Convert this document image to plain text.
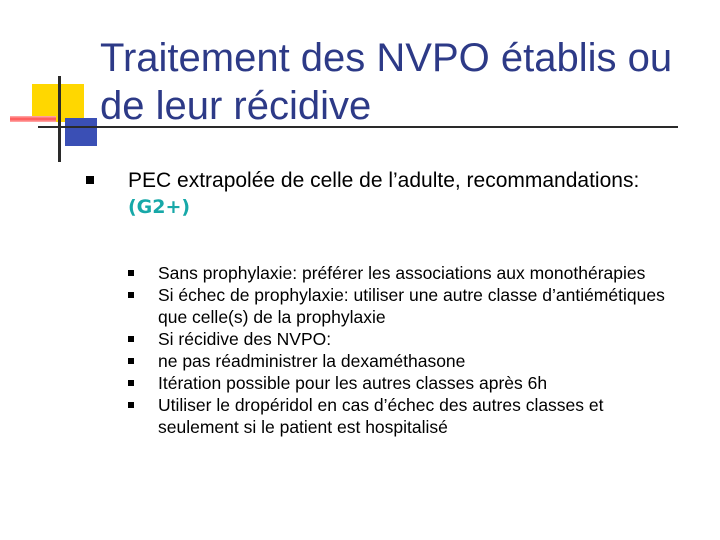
Traitement des NVPO établis ou de leur récidive
PEC extrapolée de celle de l’adulte, recommandations: (G2+)
Sans prophylaxie: préférer les associations aux monothérapies
Si échec de prophylaxie: utiliser une autre classe d’antiémétiques que celle(s) de la prophylaxie
Si récidive des NVPO:
ne pas réadministrer la dexaméthasone
Itération possible pour les autres classes après 6h
Utiliser le dropéridol en cas d’échec des autres classes et seulement si le patient est hospitalisé
